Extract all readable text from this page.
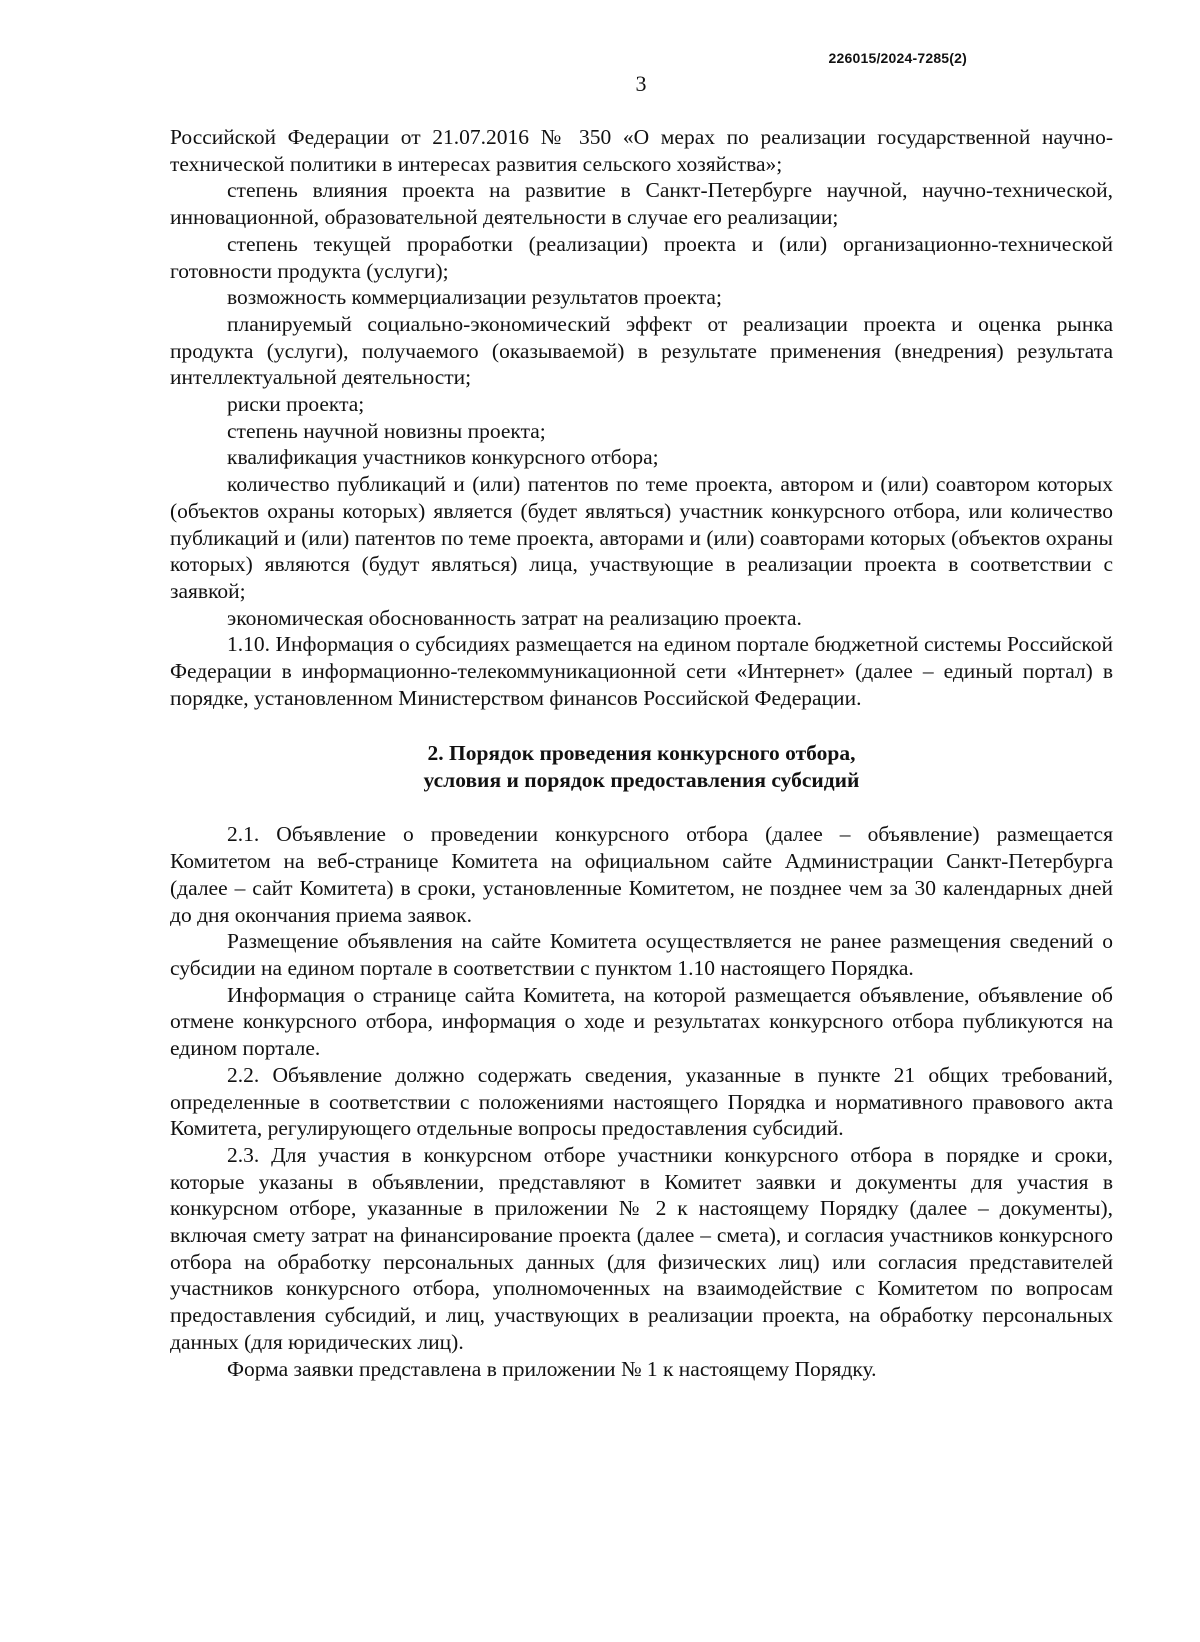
226015/2024-7285(2)
3

Российской Федерации от 21.07.2016 № 350 «О мерах по реализации государственной научно-технической политики в интересах развития сельского хозяйства»;

степень влияния проекта на развитие в Санкт-Петербурге научной, научно-технической, инновационной, образовательной деятельности в случае его реализации;

степень текущей проработки (реализации) проекта и (или) организационно-технической готовности продукта (услуги);

возможность коммерциализации результатов проекта;

планируемый социально-экономический эффект от реализации проекта и оценка рынка продукта (услуги), получаемого (оказываемой) в результате применения (внедрения) результата интеллектуальной деятельности;

риски проекта;

степень научной новизны проекта;

квалификация участников конкурсного отбора;

количество публикаций и (или) патентов по теме проекта, автором и (или) соавтором которых (объектов охраны которых) является (будет являться) участник конкурсного отбора, или количество публикаций и (или) патентов по теме проекта, авторами и (или) соавторами которых (объектов охраны которых) являются (будут являться) лица, участвующие в реализации проекта в соответствии с заявкой;

экономическая обоснованность затрат на реализацию проекта.

1.10. Информация о субсидиях размещается на едином портале бюджетной системы Российской Федерации в информационно-телекоммуникационной сети «Интернет» (далее – единый портал) в порядке, установленном Министерством финансов Российской Федерации.

2. Порядок проведения конкурсного отбора,
условия и порядок предоставления субсидий

2.1. Объявление о проведении конкурсного отбора (далее – объявление) размещается Комитетом на веб-странице Комитета на официальном сайте Администрации Санкт-Петербурга (далее – сайт Комитета) в сроки, установленные Комитетом, не позднее чем за 30 календарных дней до дня окончания приема заявок.

Размещение объявления на сайте Комитета осуществляется не ранее размещения сведений о субсидии на едином портале в соответствии с пунктом 1.10 настоящего Порядка.

Информация о странице сайта Комитета, на которой размещается объявление, объявление об отмене конкурсного отбора, информация о ходе и результатах конкурсного отбора публикуются на едином портале.

2.2. Объявление должно содержать сведения, указанные в пункте 21 общих требований, определенные в соответствии с положениями настоящего Порядка и нормативного правового акта Комитета, регулирующего отдельные вопросы предоставления субсидий.

2.3. Для участия в конкурсном отборе участники конкурсного отбора в порядке и сроки, которые указаны в объявлении, представляют в Комитет заявки и документы для участия в конкурсном отборе, указанные в приложении № 2 к настоящему Порядку (далее – документы), включая смету затрат на финансирование проекта (далее – смета), и согласия участников конкурсного отбора на обработку персональных данных (для физических лиц) или согласия представителей участников конкурсного отбора, уполномоченных на взаимодействие с Комитетом по вопросам предоставления субсидий, и лиц, участвующих в реализации проекта, на обработку персональных данных (для юридических лиц).

Форма заявки представлена в приложении № 1 к настоящему Порядку.
